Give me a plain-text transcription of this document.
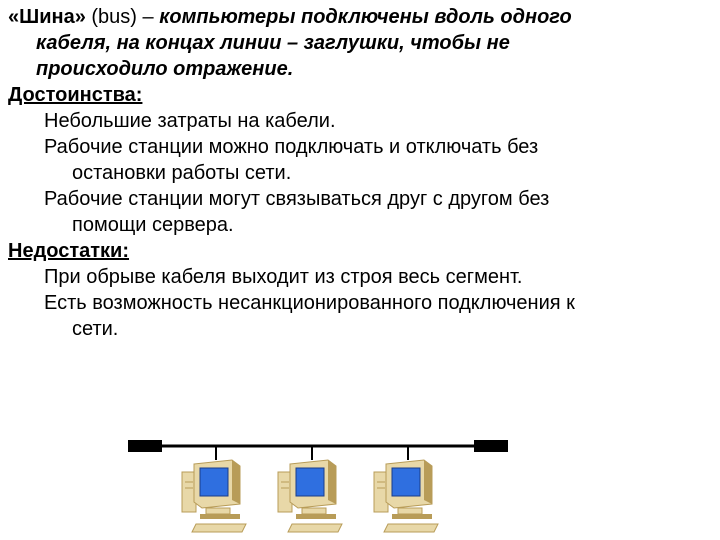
«Шина» (bus) – компьютеры подключены вдоль одного
кабеля, на концах линии – заглушки, чтобы не
происходило отражение.
Достоинства:
Небольшие затраты на кабели.
Рабочие станции можно подключать и отключать без
остановки работы сети.
Рабочие станции могут связываться друг с другом без
помощи сервера.
Недостатки:
При обрыве кабеля выходит из строя весь сегмент.
Есть возможность несанкционированного подключения к
сети.
